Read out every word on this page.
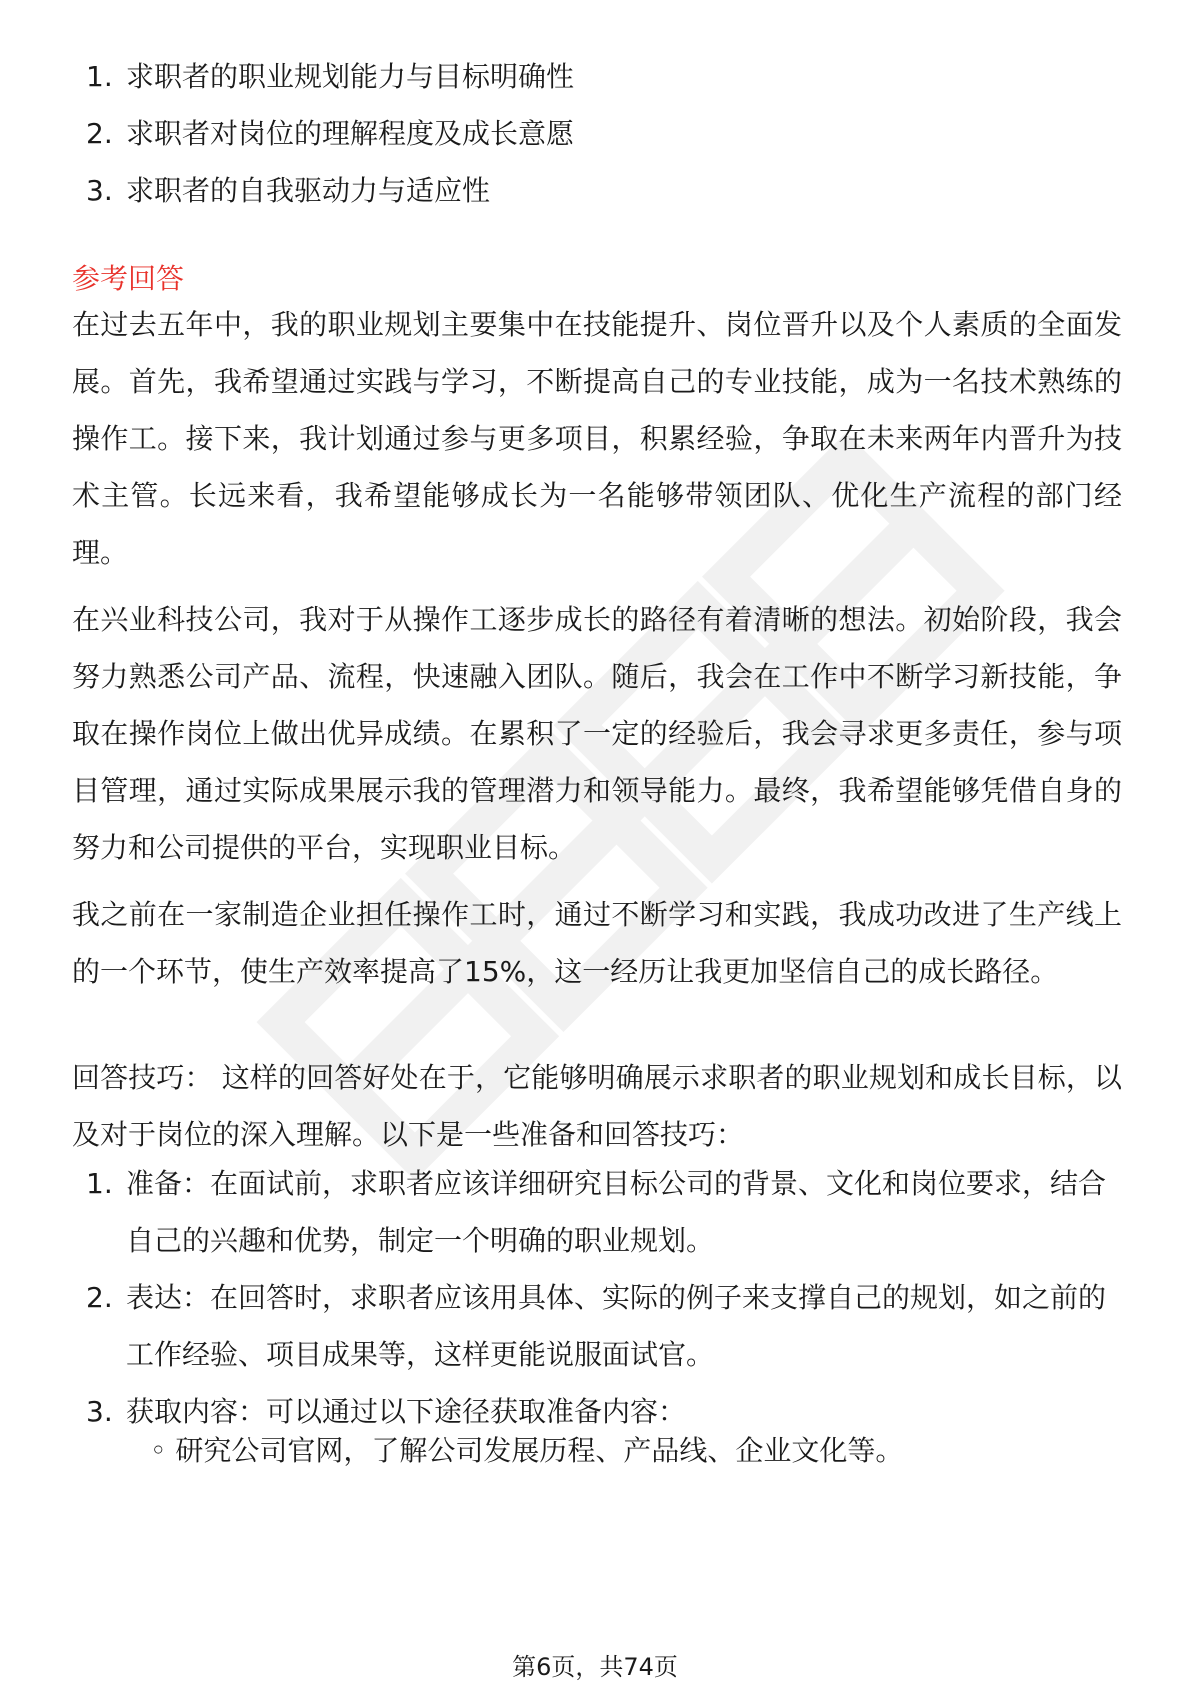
1. 求职者的职业规划能力与目标明确性
2. 求职者对岗位的理解程度及成长意愿
3. 求职者的自我驱动力与适应性
参考回答
在过去五年中，我的职业规划主要集中在技能提升、岗位晋升以及个人素质的全面发展。首先，我希望通过实践与学习，不断提高自己的专业技能，成为一名技术熟练的操作工。接下来，我计划通过参与更多项目，积累经验，争取在未来两年内晋升为技术主管。长远来看，我希望能够成长为一名能够带领团队、优化生产流程的部门经理。
在兴业科技公司，我对于从操作工逐步成长的路径有着清晰的想法。初始阶段，我会努力熟悉公司产品、流程，快速融入团队。随后，我会在工作中不断学习新技能，争取在操作岗位上做出优异成绩。在累积了一定的经验后，我会寻求更多责任，参与项目管理，通过实际成果展示我的管理潜力和领导能力。最终，我希望能够凭借自身的努力和公司提供的平台，实现职业目标。
我之前在一家制造企业担任操作工时，通过不断学习和实践，我成功改进了生产线上的一个环节，使生产效率提高了15%，这一经历让我更加坚信自己的成长路径。
回答技巧： 这样的回答好处在于，它能够明确展示求职者的职业规划和成长目标，以及对于岗位的深入理解。以下是一些准备和回答技巧：
1. 准备：在面试前，求职者应该详细研究目标公司的背景、文化和岗位要求，结合自己的兴趣和优势，制定一个明确的职业规划。
2. 表达：在回答时，求职者应该用具体、实际的例子来支撑自己的规划，如之前的工作经验、项目成果等，这样更能说服面试官。
3. 获取内容：可以通过以下途径获取准备内容：
◦ 研究公司官网，了解公司发展历程、产品线、企业文化等。
第6页，共74页
